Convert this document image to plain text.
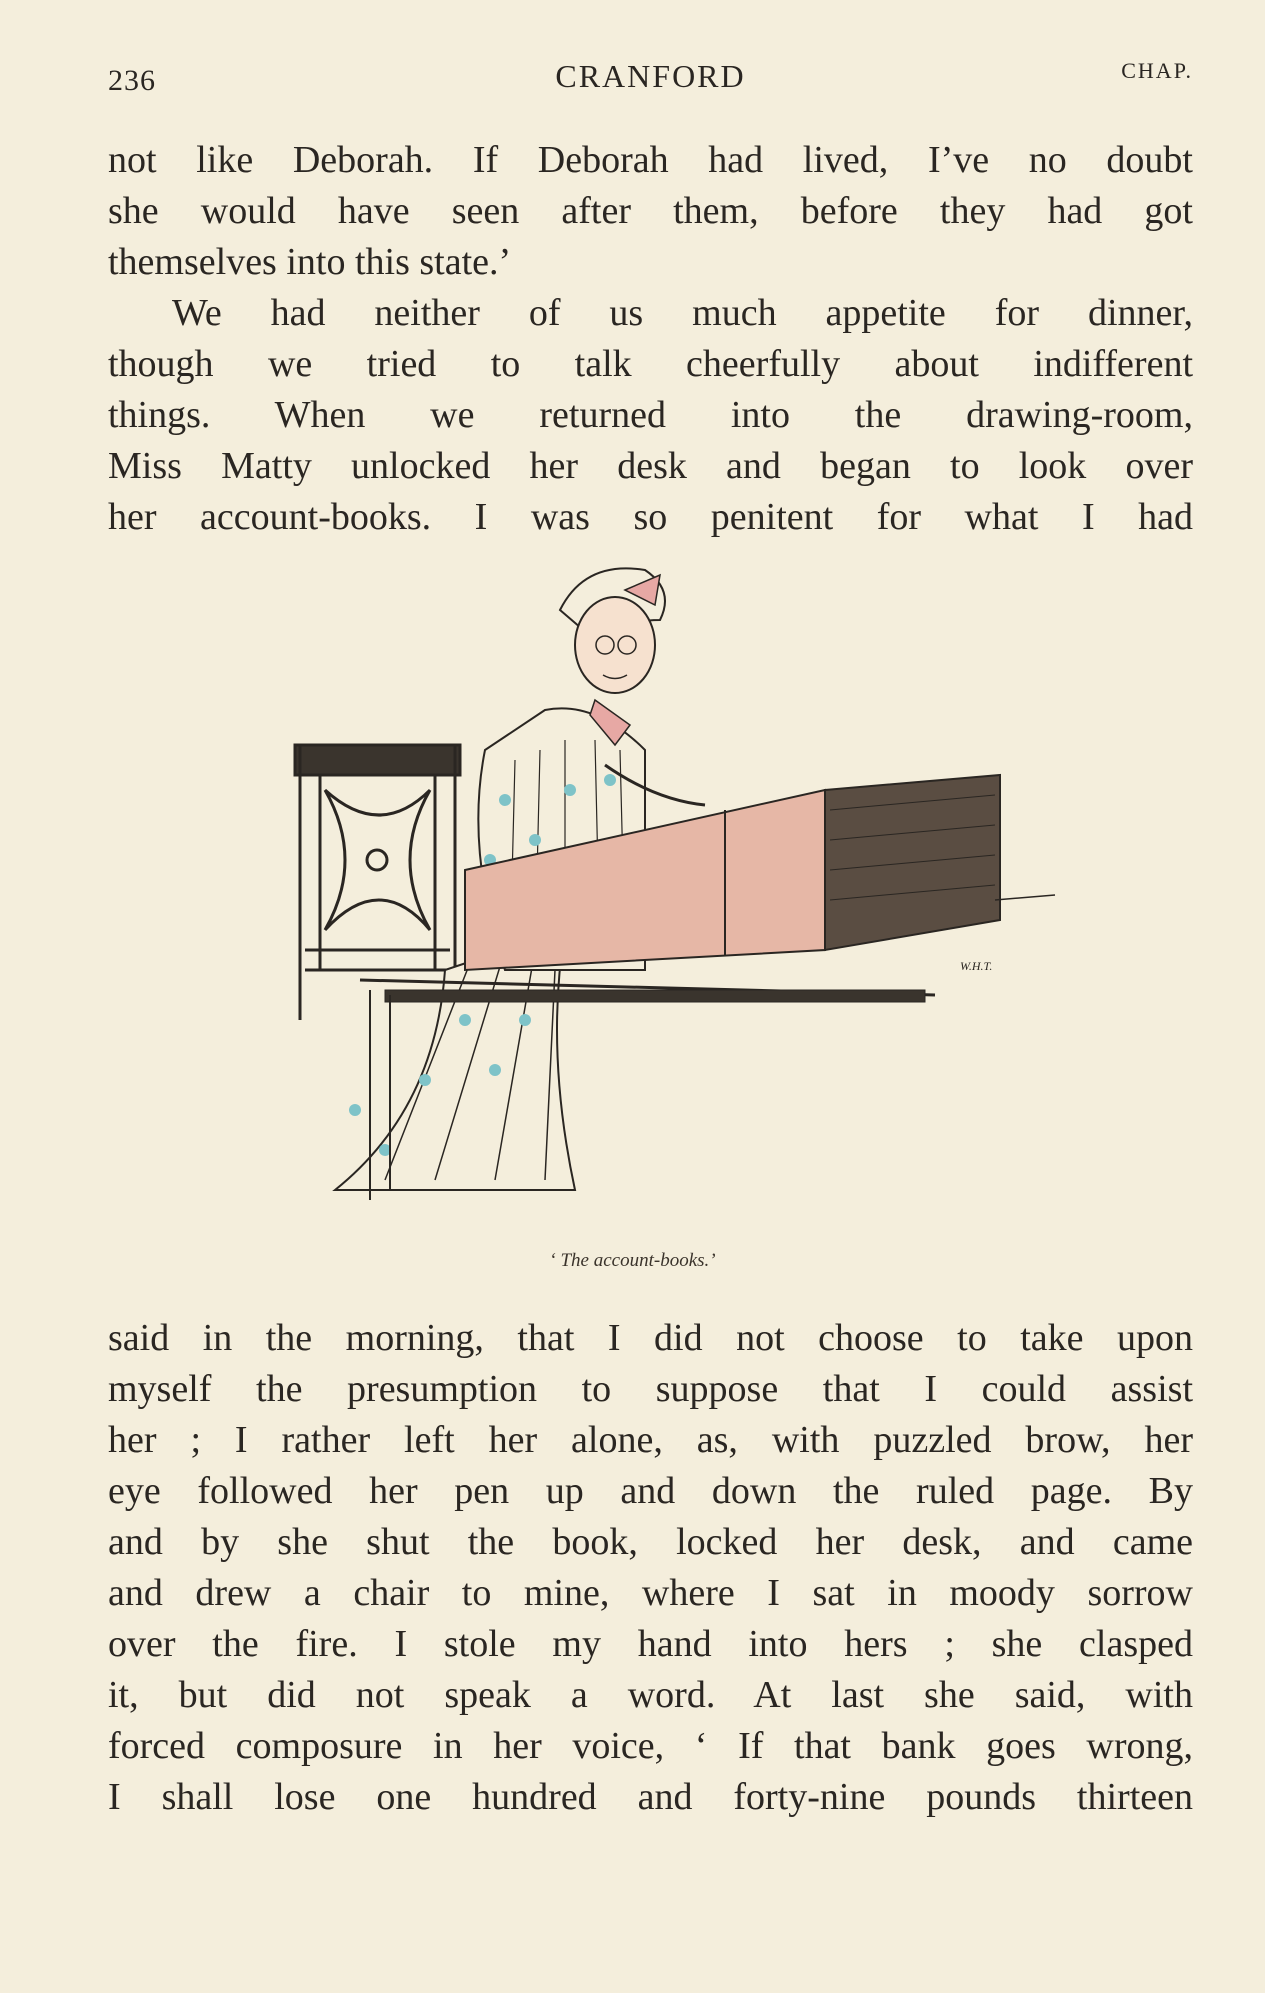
236	CRANFORD	CHAP.
not like Deborah. If Deborah had lived, I’ve no doubt
she would have seen after them, before they had got
themselves into this state.’
We had neither of us much appetite for dinner,
though we tried to talk cheerfully about indifferent
things. When we returned into the drawing-room,
Miss Matty unlocked her desk and began to look over
her account-books. I was so penitent for what I had
W.H.T.
‘ The account-books.’
said in the morning, that I did not choose to take upon
myself the presumption to suppose that I could assist
her ; I rather left her alone, as, with puzzled brow, her
eye followed her pen up and down the ruled page. By
and by she shut the book, locked her desk, and came
and drew a chair to mine, where I sat in moody sorrow
over the fire. I stole my hand into hers ; she clasped
it, but did not speak a word. At last she said, with
forced composure in her voice, ‘ If that bank goes wrong,
I shall lose one hundred and forty-nine pounds thirteen
